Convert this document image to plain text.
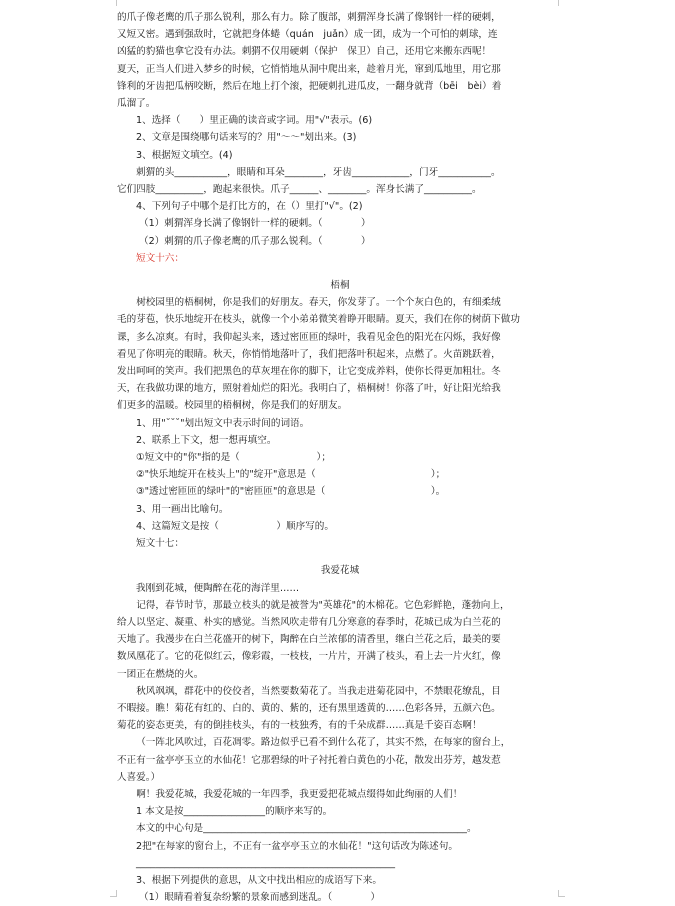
的爪子像老鹰的爪子那么锐利，那么有力。除了腹部，刺猬浑身长满了像钢针一样的硬刺，

又短又密。遇到强敌时，它就把身体蜷（quán　juǎn）成一团，成为一个可怕的刺球，连

凶猛的豹猫也拿它没有办法。刺猬不仅用硬刺（保护　保卫）自己，还用它来搬东西呢！

夏天，正当人们进入梦乡的时候，它悄悄地从洞中爬出来，趁着月光，窜到瓜地里，用它那

锋利的牙齿把瓜柄咬断，然后在地上打个滚，把硬刺扎进瓜皮，一翻身就背（bēi　bèi）着

瓜溜了。

1、选择（　　）里正确的读音或字词。用"√"表示。(6)

2、文章是围绕哪句话来写的？用"～～"划出来。(3)

3、根据短文填空。(4)

刺猬的头___________，眼睛和耳朵________，牙齿____________，门牙___________。

它们四肢__________，跑起来很快。爪子______、________。浑身长满了__________。

4、下列句子中哪个是打比方的，在（）里打"√"。(2)

（1）刺猬浑身长满了像钢针一样的硬刺。（　　　　）

（2）刺猬的爪子像老鹰的爪子那么锐利。（　　　　）

短文十六：

梧桐

树校园里的梧桐树，你是我们的好朋友。春天，你发芽了。一个个灰白色的，有细柔绒

毛的芽苞，快乐地绽开在枝头，就像一个小弟弟微笑着睁开眼睛。夏天，我们在你的树荫下做功

课，多么凉爽。有时，我仰起头来，透过密匝匝的绿叶，我看见金色的阳光在闪烁，我好像

看见了你明亮的眼睛。秋天，你悄悄地落叶了，我们把落叶积起来，点燃了。火苗跳跃着，

发出呵呵的笑声。我们把黑色的草灰埋在你的脚下，让它变成养料，使你长得更加粗壮。冬

天，在我做功课的地方，照射着灿烂的阳光。我明白了，梧桐树！你落了叶，好让阳光给我

们更多的温暖。校园里的梧桐树，你是我们的好朋友。

1、用"˘˘˘"划出短文中表示时间的词语。

2、联系上下文，想一想再填空。

①短文中的"你"指的是（　　　　　　　　）；

②"快乐地绽开在枝头上"的"绽开"意思是（　　　　　　　　　　　　）；

③"透过密匝匝的绿叶"的"密匝匝"的意思是（　　　　　　　　　　　）。

3、用一画出比喻句。

4、这篇短文是按（　　　　　　）顺序写的。

短文十七：

我爱花城

我刚到花城，便陶醉在花的海洋里……

记得，春节时节，那最立枝头的就是被誉为"英雄花"的木棉花。它色彩鲜艳，蓬勃向上，

给人以坚定、凝重、朴实的感觉。当然风吹走带有几分寒意的春季时，花城已成为白兰花的

天地了。我漫步在白兰花盛开的树下，陶醉在白兰浓郁的清香里，继白兰花之后，最美的要

数凤凰花了。它的花似红云，像彩霞，一枝枝，一片片，开满了枝头，看上去一片火红，像

一团正在燃烧的火。

秋风飒飒，群花中的佼佼者，当然要数菊花了。当我走进菊花园中，不禁眼花缭乱，目

不暇接。瞧！菊花有红的、白的、黄的、紫的，还有黑里透黄的……色彩各异，五颜六色。

菊花的姿态更美，有的倒挂枝头，有的一枝独秀，有的千朵成群……真是千姿百态啊！

（一阵北风吹过，百花凋零。路边似乎已看不到什么花了，其实不然，在每家的窗台上，

不正有一盆亭亭玉立的水仙花！它那碧绿的叶子衬托着白黄色的小花，散发出芬芳，越发惹

人喜爱。）

啊！我爱花城，我爱花城的一年四季，我更爱把花城点缀得如此绚丽的人们！

1 本文是按_________________的顺序来写的。

本文的中心句是_______________________________________________________。

2把"在每家的窗台上，不正有一盆亭亭玉立的水仙花！"这句话改为陈述句。

______________________________________________________

3、根据下列提供的意思，从文中找出相应的成语写下来。

（1）眼睛看着复杂纷繁的景象而感到迷乱。（　　　　）
